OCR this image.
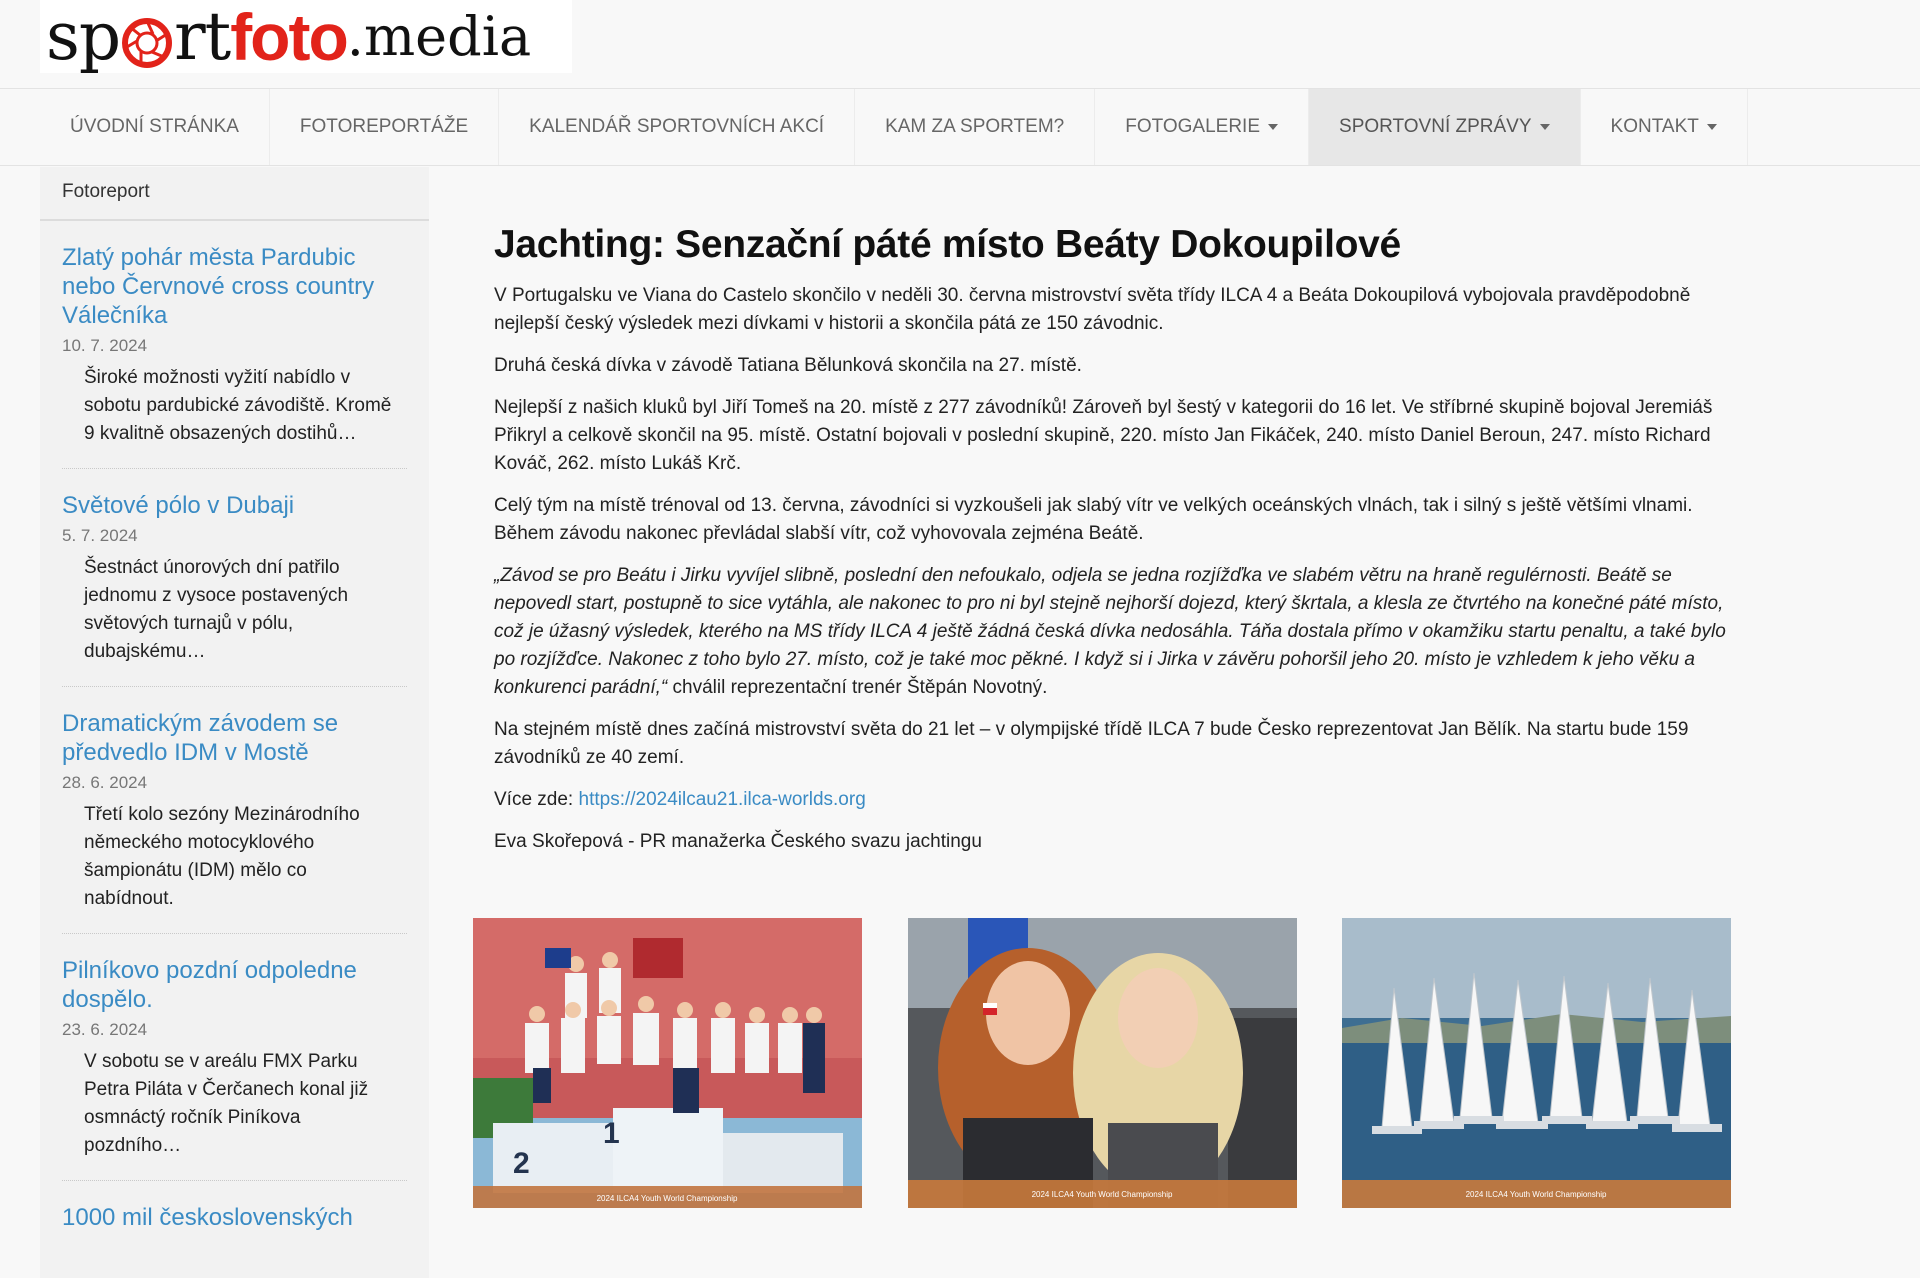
sp rt foto .media
ÚVODNÍ STRÁNKA	FOTOREPORTÁŽE	KALENDÁŘ SPORTOVNÍCH AKCÍ	KAM ZA SPORTEM?	FOTOGALERIE	SPORTOVNÍ ZPRÁVY	KONTAKT
Fotoreport
Zlatý pohár města Pardubic nebo Červnové cross country Válečníka
10. 7. 2024
Široké možnosti vyžití nabídlo v sobotu pardubické závodiště. Kromě 9 kvalitně obsazených dostihů…
Světové pólo v Dubaji
5. 7. 2024
Šestnáct únorových dní patřilo jednomu z vysoce postavených světových turnajů v pólu, dubajskému…
Dramatickým závodem se předvedlo IDM v Mostě
28. 6. 2024
Třetí kolo sezóny Mezinárodního německého motocyklového šampionátu (IDM) mělo co nabídnout.
Pilníkovo pozdní odpoledne dospělo.
23. 6. 2024
V sobotu se v areálu FMX Parku Petra Piláta v Čerčanech konal již osmnáctý ročník Piníkova pozdního…
1000 mil československých
Jachting: Senzační páté místo Beáty Dokoupilové

V Portugalsku ve Viana do Castelo skončilo v neděli 30. června mistrovství světa třídy ILCA 4 a Beáta Dokoupilová vybojovala pravděpodobně nejlepší český výsledek mezi dívkami v historii a skončila pátá ze 150 závodnic.

Druhá česká dívka v závodě Tatiana Bělunková skončila na 27. místě.

Nejlepší z našich kluků byl Jiří Tomeš na 20. místě z 277 závodníků! Zároveň byl šestý v kategorii do 16 let. Ve stříbrné skupině bojoval Jeremiáš Přikryl a celkově skončil na 95. místě. Ostatní bojovali v poslední skupině, 220. místo Jan Fikáček, 240. místo Daniel Beroun, 247. místo Richard Kováč, 262. místo Lukáš Krč.

Celý tým na místě trénoval od 13. června, závodníci si vyzkoušeli jak slabý vítr ve velkých oceánských vlnách, tak i silný s ještě většími vlnami. Během závodu nakonec převládal slabší vítr, což vyhovovala zejména Beátě.

„Závod se pro Beátu i Jirku vyvíjel slibně, poslední den nefoukalo, odjela se jedna rozjížďka ve slabém větru na hraně regulérnosti. Beátě se nepovedl start, postupně to sice vytáhla, ale nakonec to pro ni byl stejně nejhorší dojezd, který škrtala, a klesla ze čtvrtého na konečné páté místo, což je úžasný výsledek, kterého na MS třídy ILCA 4 ještě žádná česká dívka nedosáhla. Táňa dostala přímo v okamžiku startu penaltu, a také bylo po rozjížďce. Nakonec z toho bylo 27. místo, což je také moc pěkné. I když si i Jirka v závěru pohoršil jeho 20. místo je vzhledem k jeho věku a konkurenci parádní,“ chválil reprezentační trenér Štěpán Novotný.

Na stejném místě dnes začíná mistrovství světa do 21 let – v olympijské třídě ILCA 7 bude Česko reprezentovat Jan Bělík. Na startu bude 159 závodníků ze 40 zemí.

Více zde: https://2024ilcau21.ilca-worlds.org

Eva Skořepová - PR manažerka Českého svazu jachtingu

2
1
2024 ILCA4 Youth World Championship	2024 ILCA4 Youth World Championship	2024 ILCA4 Youth World Championship
